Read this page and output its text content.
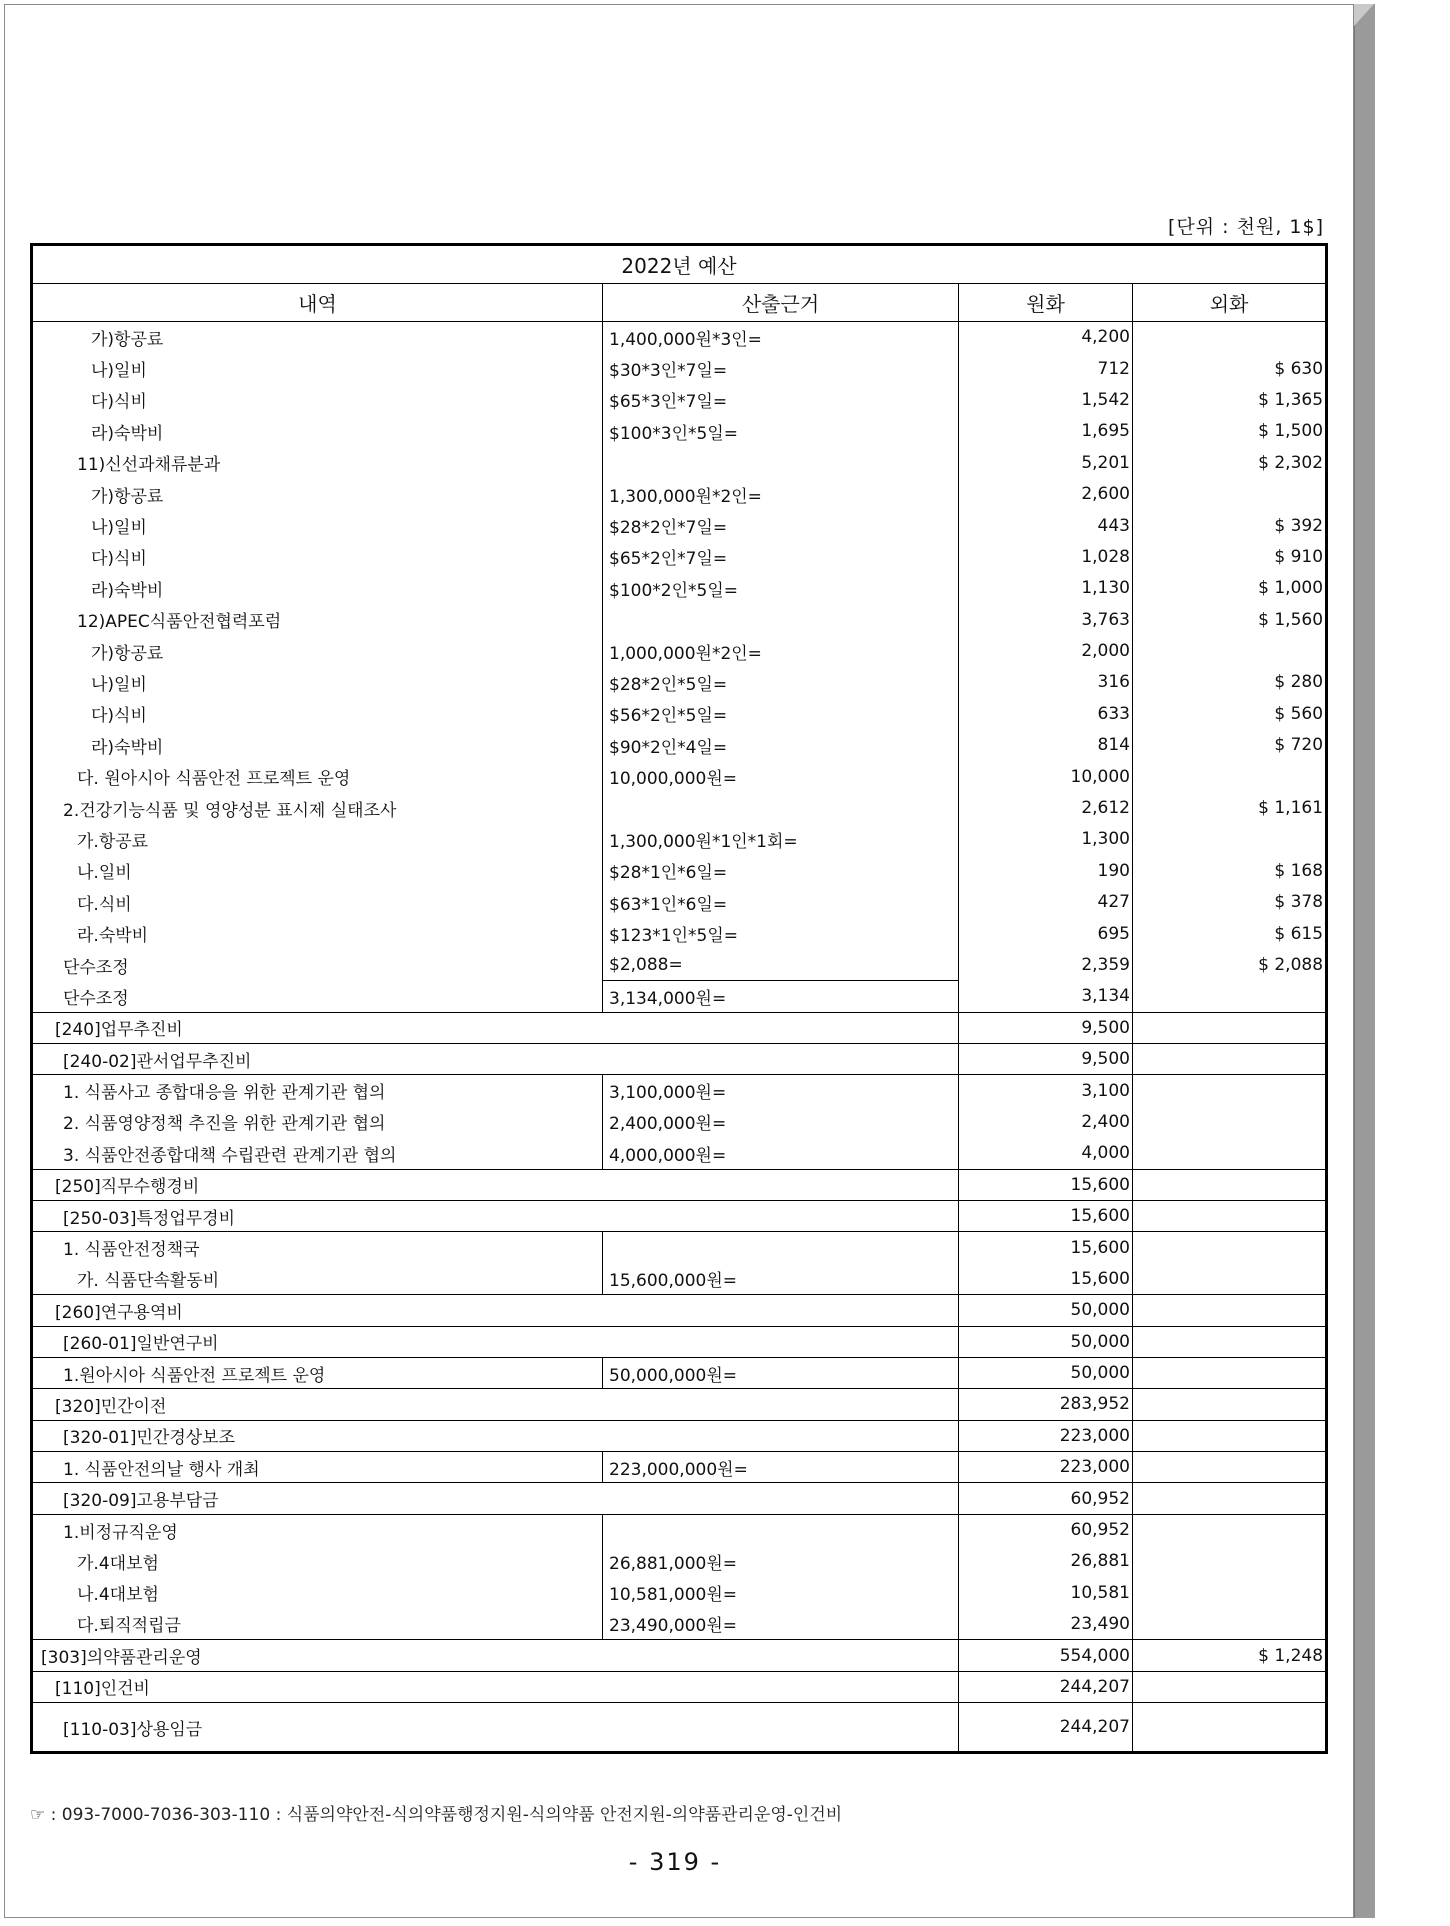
[단위 : 천원, 1$]
2022년 예산			
내역	산출근거	원화	외화
가)항공료	1,400,000원*3인=	4,200	
나)일비	$30*3인*7일=	712	$ 630
다)식비	$65*3인*7일=	1,542	$ 1,365
라)숙박비	$100*3인*5일=	1,695	$ 1,500
11)신선과채류분과		5,201	$ 2,302
가)항공료	1,300,000원*2인=	2,600	
나)일비	$28*2인*7일=	443	$ 392
다)식비	$65*2인*7일=	1,028	$ 910
라)숙박비	$100*2인*5일=	1,130	$ 1,000
12)APEC식품안전협력포럼		3,763	$ 1,560
가)항공료	1,000,000원*2인=	2,000	
나)일비	$28*2인*5일=	316	$ 280
다)식비	$56*2인*5일=	633	$ 560
라)숙박비	$90*2인*4일=	814	$ 720
다. 원아시아 식품안전 프로젝트 운영	10,000,000원=	10,000	
2.건강기능식품 및 영양성분 표시제 실태조사		2,612	$ 1,161
가.항공료	1,300,000원*1인*1회=	1,300	
나.일비	$28*1인*6일=	190	$ 168
다.식비	$63*1인*6일=	427	$ 378
라.숙박비	$123*1인*5일=	695	$ 615
단수조정	$2,088=	2,359	$ 2,088
단수조정	3,134,000원=	3,134	
[240]업무추진비		9,500	
[240-02]관서업무추진비		9,500	
1. 식품사고 종합대응을 위한 관계기관 협의	3,100,000원=	3,100	
2. 식품영양정책 추진을 위한 관계기관 협의	2,400,000원=	2,400	
3. 식품안전종합대책 수립관련 관계기관 협의	4,000,000원=	4,000	
[250]직무수행경비		15,600	
[250-03]특정업무경비		15,600	
1. 식품안전정책국		15,600	
가. 식품단속활동비	15,600,000원=	15,600	
[260]연구용역비		50,000	
[260-01]일반연구비		50,000	
1.원아시아 식품안전 프로젝트 운영	50,000,000원=	50,000	
[320]민간이전		283,952	
[320-01]민간경상보조		223,000	
1. 식품안전의날 행사 개최	223,000,000원=	223,000	
[320-09]고용부담금		60,952	
1.비정규직운영		60,952	
가.4대보험	26,881,000원=	26,881	
나.4대보험	10,581,000원=	10,581	
다.퇴직적립금	23,490,000원=	23,490	
[303]의약품관리운영		554,000	$ 1,248
[110]인건비		244,207	
[110-03]상용임금		244,207	
☞ : 093-7000-7036-303-110 : 식품의약안전-식의약품행정지원-식의약품 안전지원-의약품관리운영-인건비
- 319 -
